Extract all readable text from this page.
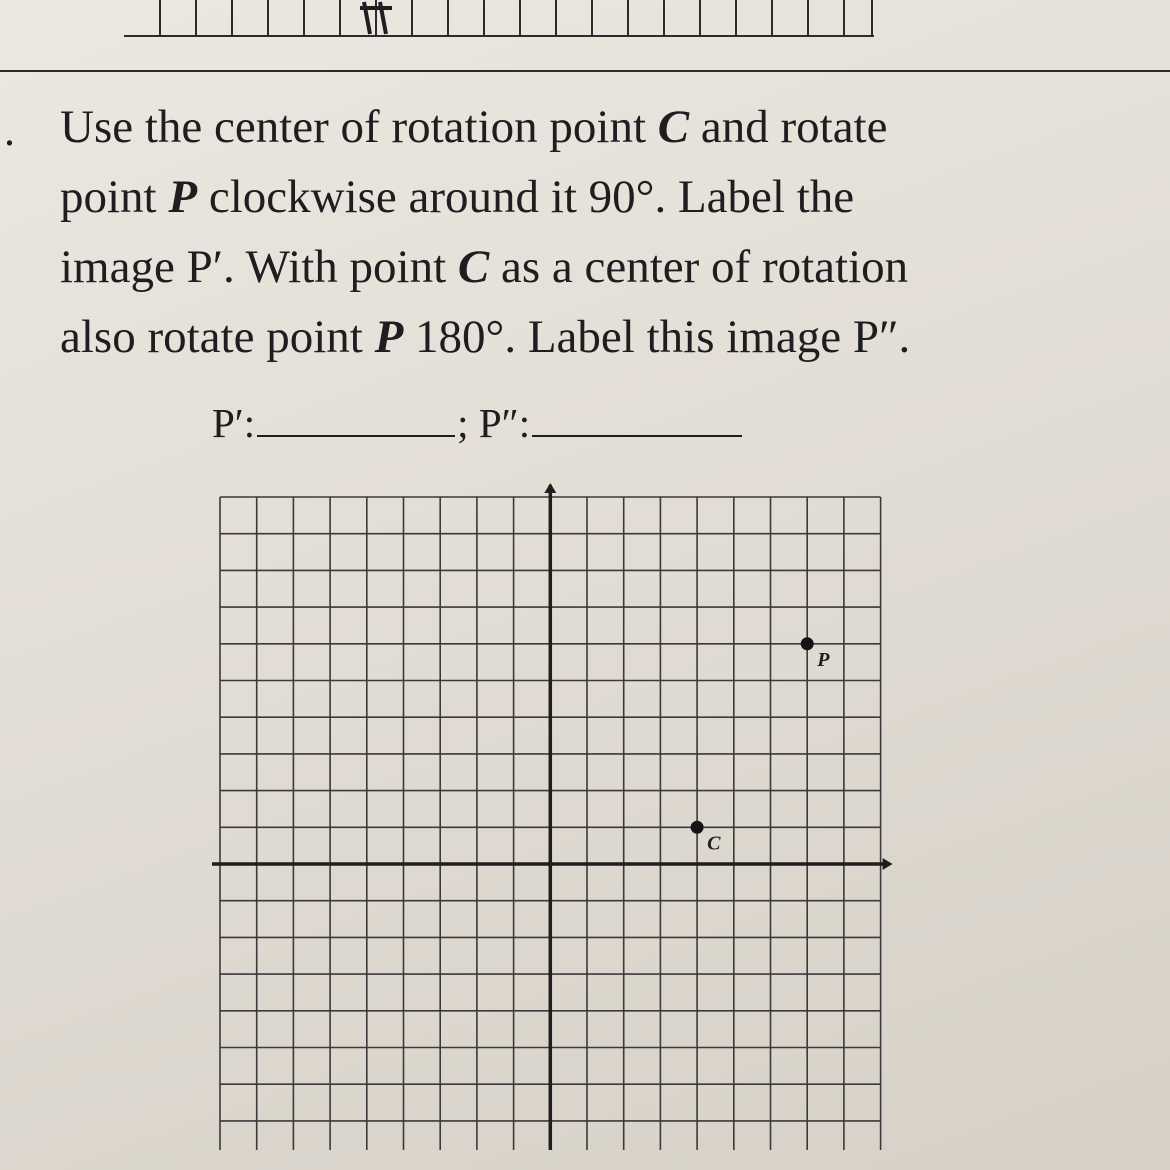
. Use the center of rotation point C and rotate
point P clockwise around it 90°. Label the
image P′. With point C as a center of rotation
also rotate point P 180°. Label this image P″.
P′:	; P″:
P
C
